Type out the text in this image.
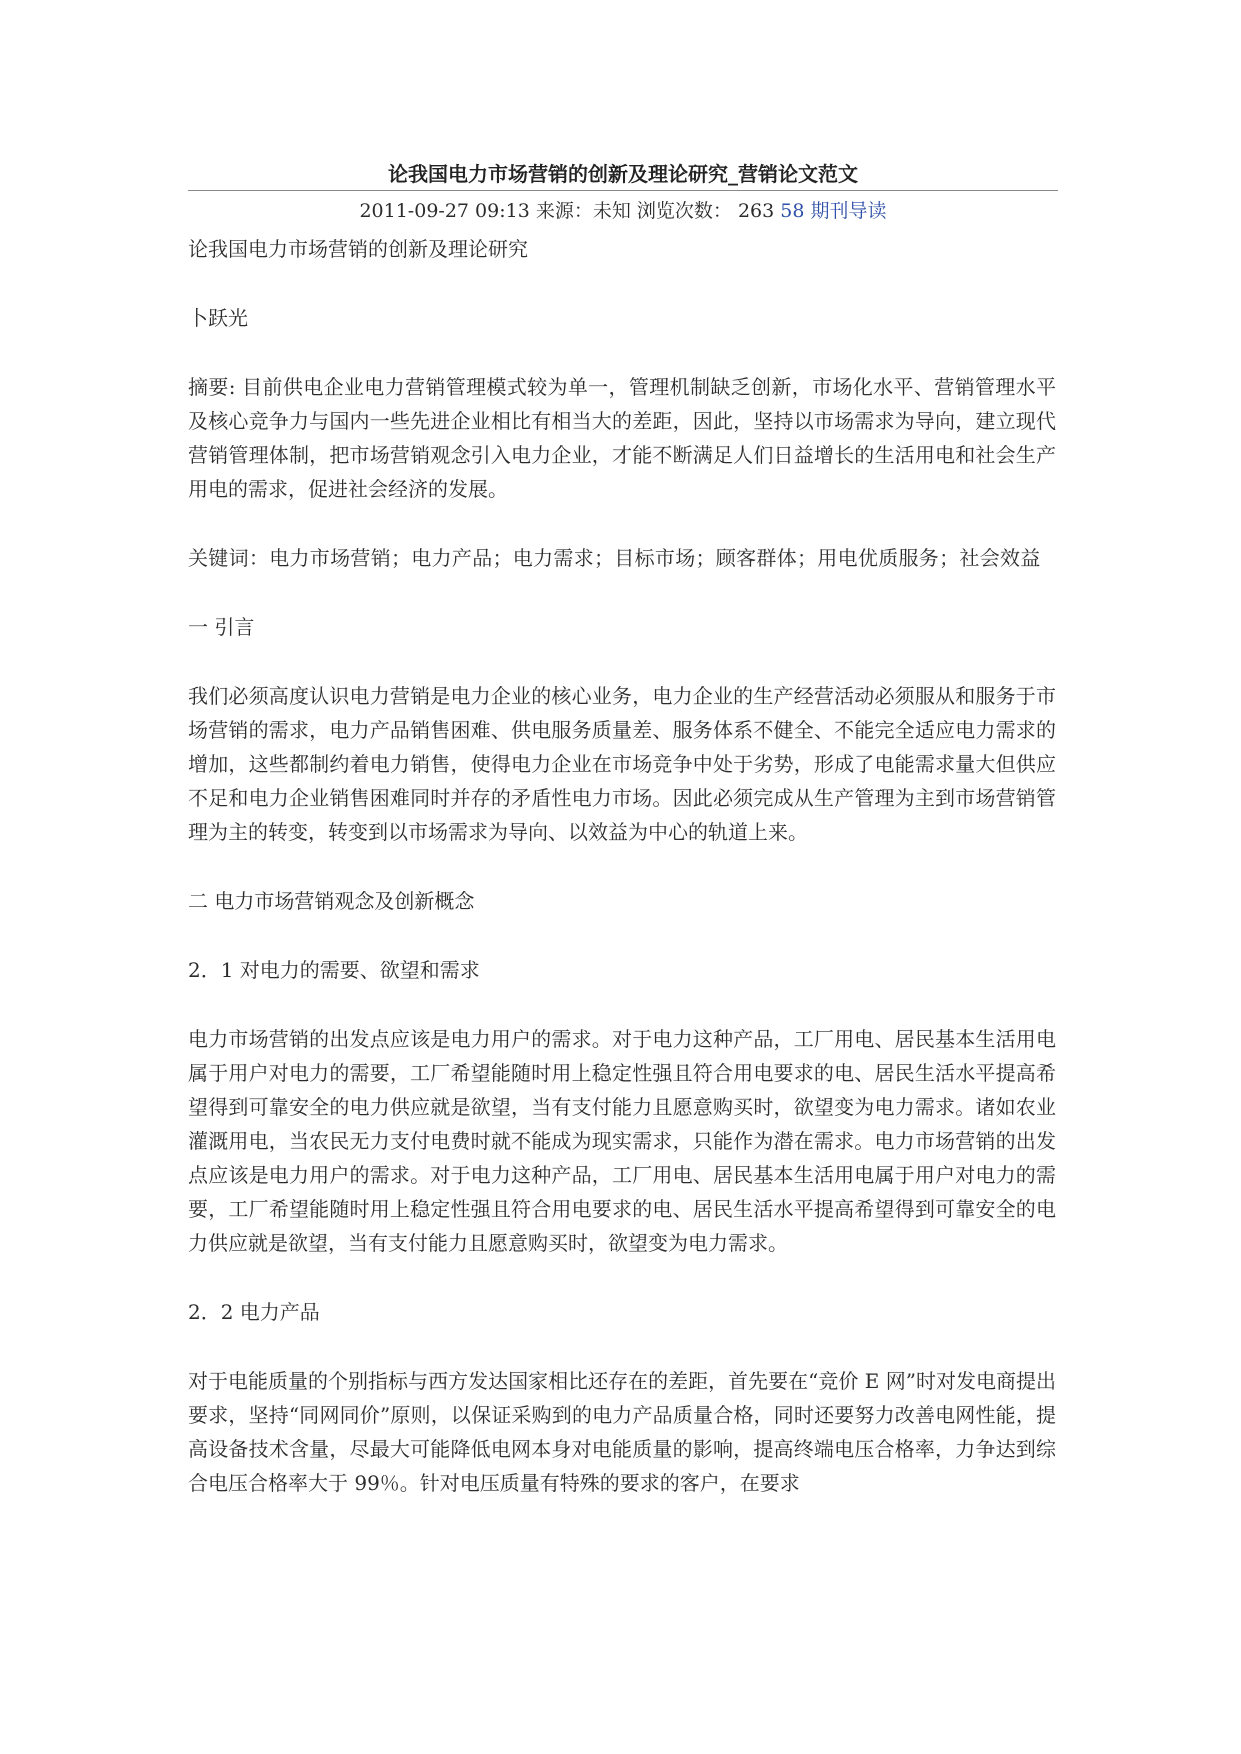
论我国电力市场营销的创新及理论研究_营销论文范文
2011-09-27 09:13 来源：未知 浏览次数： 263 58 期刊导读

论我国电力市场营销的创新及理论研究

卜跃光

摘要: 目前供电企业电力营销管理模式较为单一，管理机制缺乏创新，市场化水平、营销管理水平及核心竞争力与国内一些先进企业相比有相当大的差距，因此，坚持以市场需求为导向，建立现代营销管理体制，把市场营销观念引入电力企业，才能不断满足人们日益增长的生活用电和社会生产用电的需求，促进社会经济的发展。

关键词：电力市场营销；电力产品；电力需求；目标市场；顾客群体；用电优质服务；社会效益

一 引言

我们必须高度认识电力营销是电力企业的核心业务，电力企业的生产经营活动必须服从和服务于市场营销的需求，电力产品销售困难、供电服务质量差、服务体系不健全、不能完全适应电力需求的增加，这些都制约着电力销售，使得电力企业在市场竞争中处于劣势，形成了电能需求量大但供应不足和电力企业销售困难同时并存的矛盾性电力市场。因此必须完成从生产管理为主到市场营销管理为主的转变，转变到以市场需求为导向、以效益为中心的轨道上来。

二 电力市场营销观念及创新概念

2．1 对电力的需要、欲望和需求

电力市场营销的出发点应该是电力用户的需求。对于电力这种产品，工厂用电、居民基本生活用电属于用户对电力的需要，工厂希望能随时用上稳定性强且符合用电要求的电、居民生活水平提高希望得到可靠安全的电力供应就是欲望，当有支付能力且愿意购买时，欲望变为电力需求。诸如农业灌溉用电，当农民无力支付电费时就不能成为现实需求，只能作为潜在需求。电力市场营销的出发点应该是电力用户的需求。对于电力这种产品，工厂用电、居民基本生活用电属于用户对电力的需要，工厂希望能随时用上稳定性强且符合用电要求的电、居民生活水平提高希望得到可靠安全的电力供应就是欲望，当有支付能力且愿意购买时，欲望变为电力需求。

2．2 电力产品

对于电能质量的个别指标与西方发达国家相比还存在的差距，首先要在“竞价 E 网”时对发电商提出要求，坚持“同网同价”原则，以保证采购到的电力产品质量合格，同时还要努力改善电网性能，提高设备技术含量，尽最大可能降低电网本身对电能质量的影响，提高终端电压合格率，力争达到综合电压合格率大于 99％。针对电压质量有特殊的要求的客户，在要求
